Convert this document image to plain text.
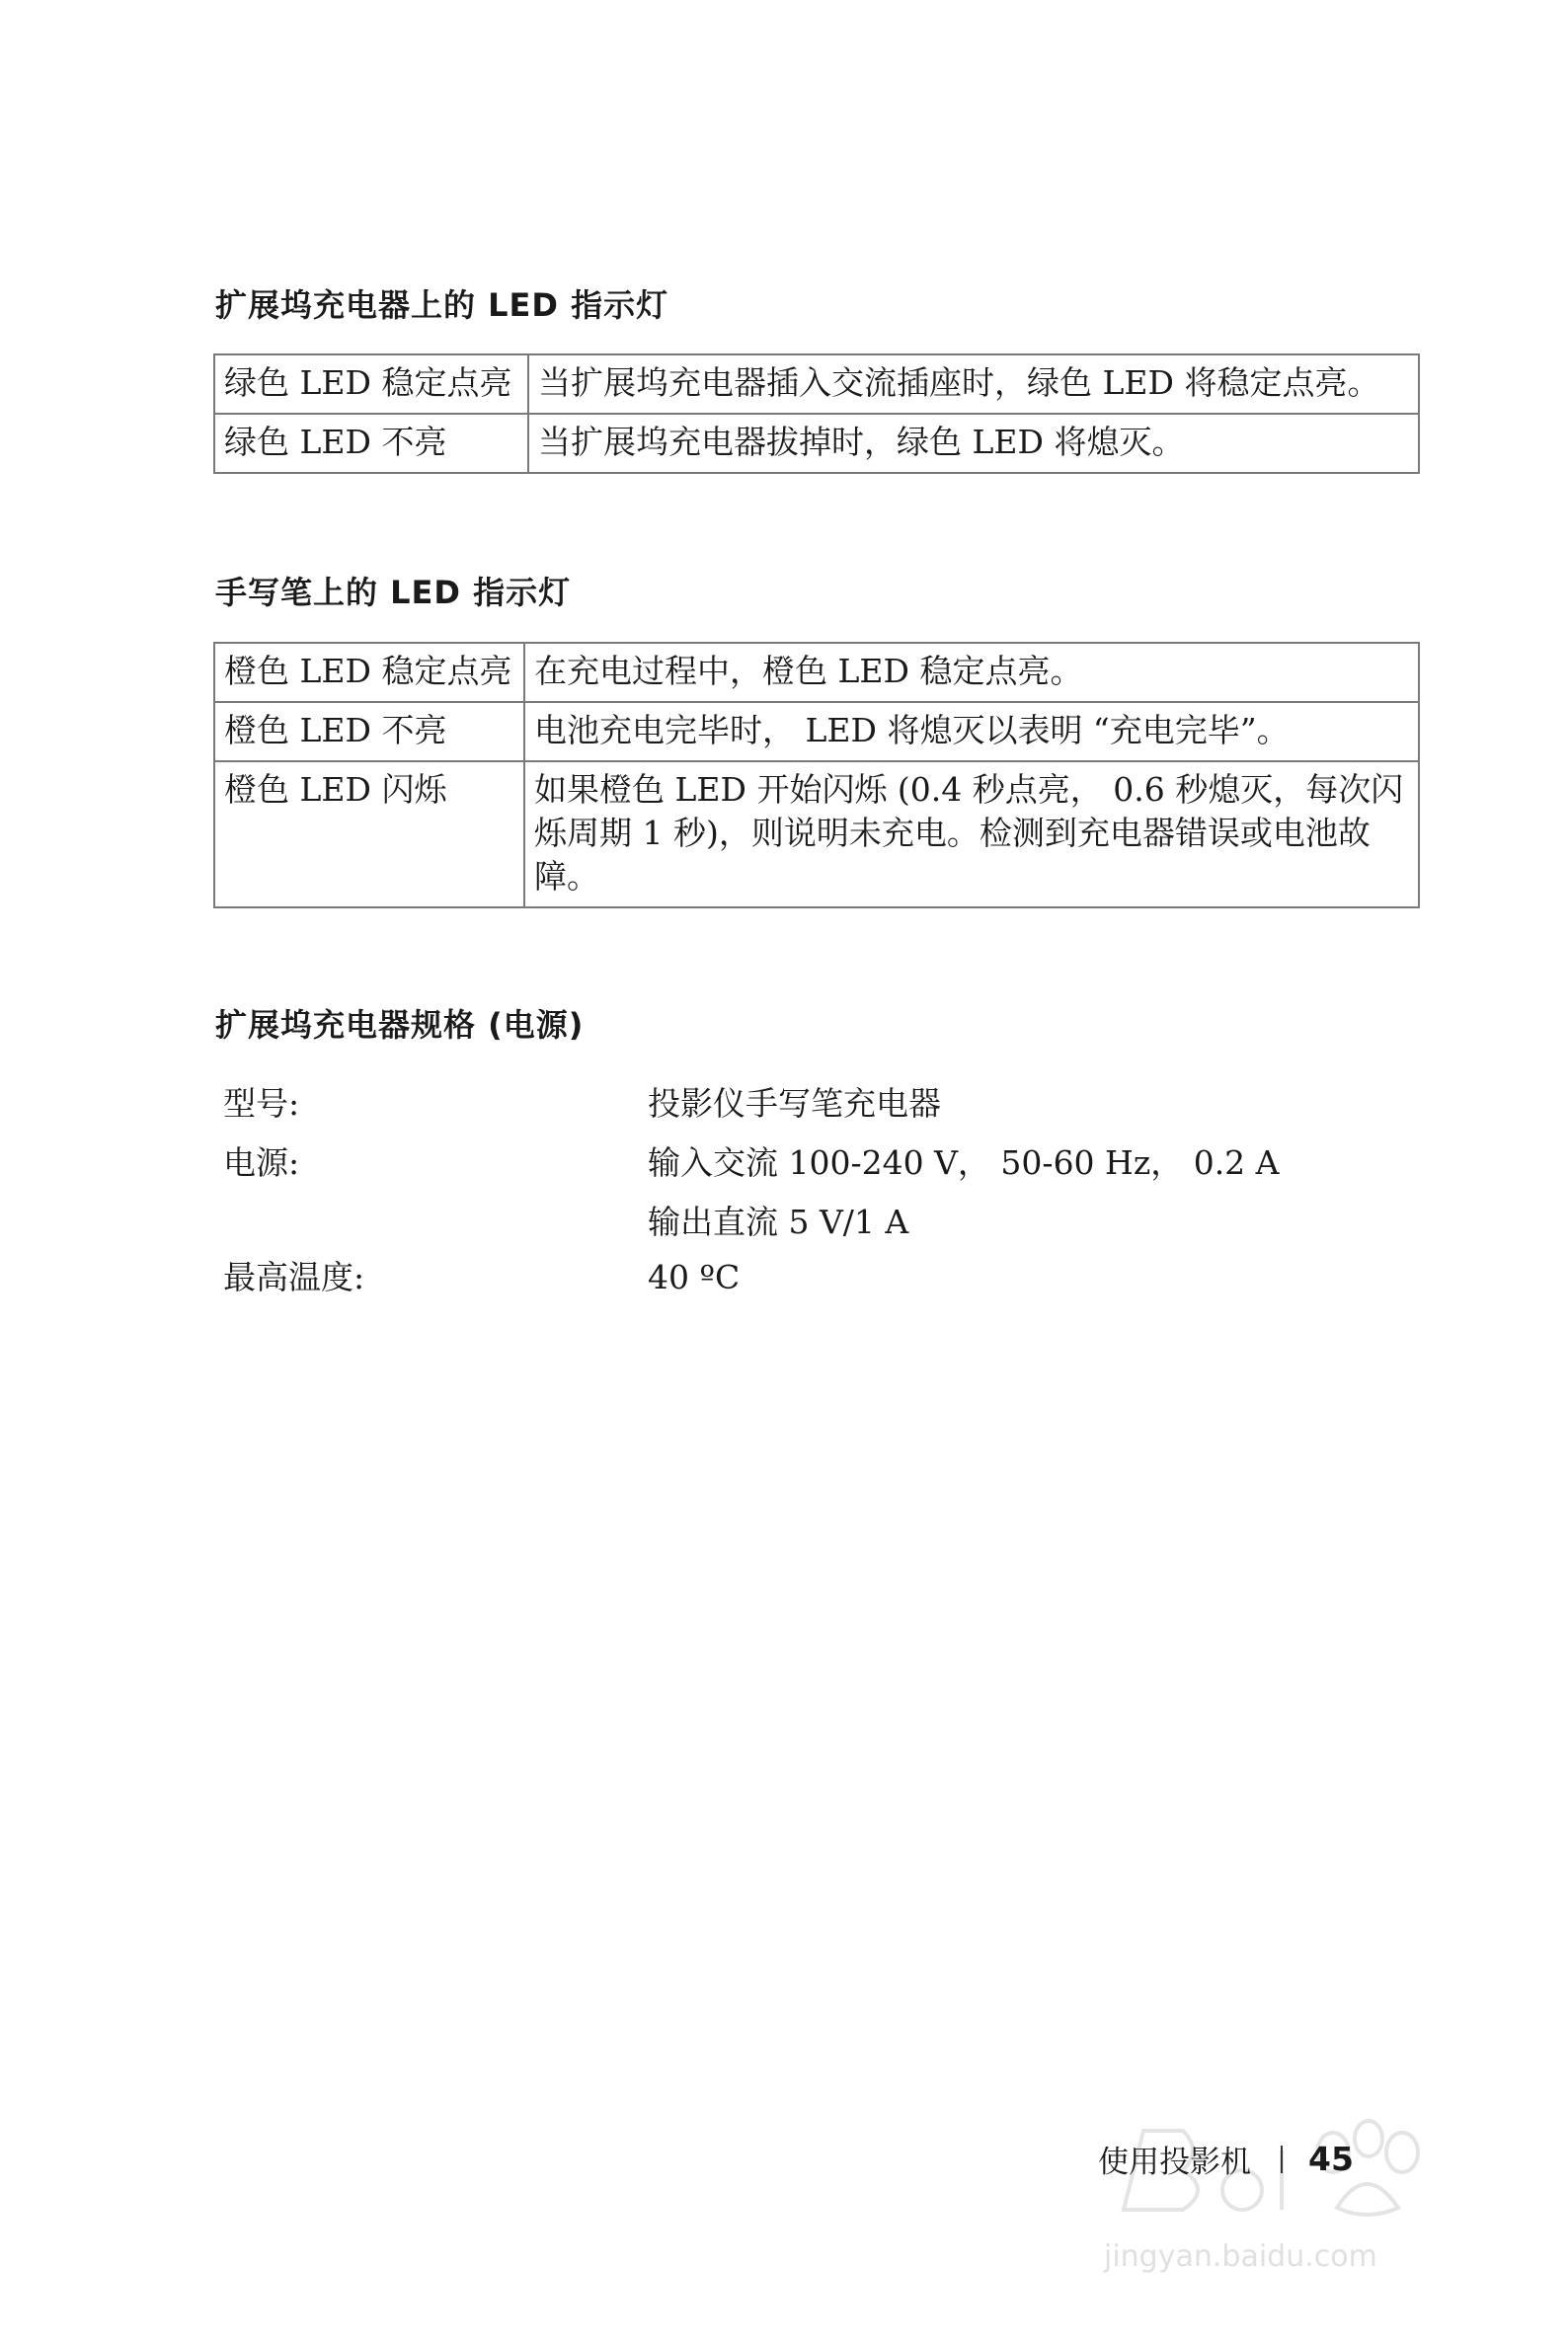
扩展坞充电器上的 LED 指示灯
绿色 LED 稳定点亮	当扩展坞充电器插入交流插座时，绿色 LED 将稳定点亮。
绿色 LED 不亮	当扩展坞充电器拔掉时，绿色 LED 将熄灭。
手写笔上的 LED 指示灯
橙色 LED 稳定点亮	在充电过程中，橙色 LED 稳定点亮。
橙色 LED 不亮	电池充电完毕时， LED 将熄灭以表明 “充电完毕”。
橙色 LED 闪烁	如果橙色 LED 开始闪烁 (0.4 秒点亮， 0.6 秒熄灭，每次闪烁周期 1 秒)，则说明未充电。检测到充电器错误或电池故障。
扩展坞充电器规格 (电源)

型号:	投影仪手写笔充电器

电源:	输入交流 100-240 V， 50-60 Hz， 0.2 A

输出直流 5 V/1 A

最高温度:	40 ºC

jingyan.baidu.com
使用投影机 45
